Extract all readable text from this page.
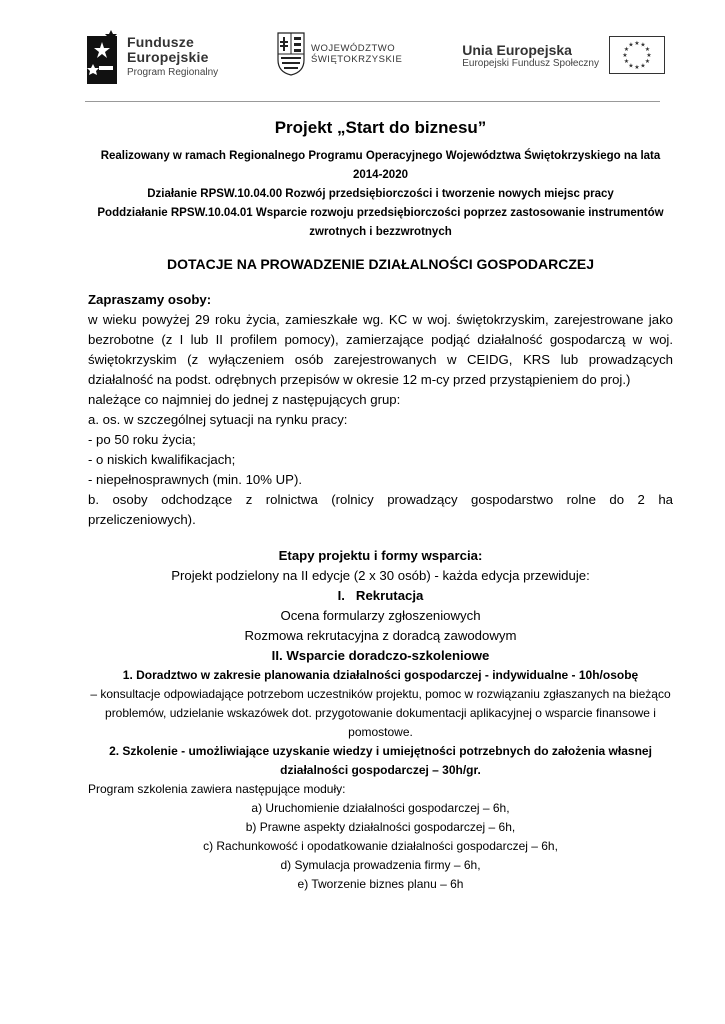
Fundusze
Europejskie
Program Regionalny
WOJEWÓDZTWO
ŚWIĘTOKRZYSKIE
Unia Europejska
Europejski Fundusz Społeczny
★ ★
★
★
★
★
★
★
★
★
★
★
Projekt „Start do biznesu”
Realizowany w ramach Regionalnego Programu Operacyjnego Województwa Świętokrzyskiego na lata 2014-2020
Działanie RPSW.10.04.00 Rozwój przedsiębiorczości i tworzenie nowych miejsc pracy
Poddziałanie RPSW.10.04.01 Wsparcie rozwoju przedsiębiorczości poprzez zastosowanie instrumentów zwrotnych i bezzwrotnych
DOTACJE NA PROWADZENIE DZIAŁALNOŚCI GOSPODARCZEJ

Zapraszamy osoby:

w wieku powyżej 29 roku życia, zamieszkałe wg. KC w woj. świętokrzyskim, zarejestrowane jako bezrobotne (z I lub II profilem pomocy), zamierzające podjąć działalność gospodarczą w woj. świętokrzyskim (z wyłączeniem osób zarejestrowanych w CEIDG, KRS lub prowadzących działalność na podst. odrębnych przepisów w okresie 12 m-cy przed przystąpieniem do proj.)

należące co najmniej do jednej z następujących grup:

a. os. w szczególnej sytuacji na rynku pracy:

- po 50 roku życia;

- o niskich kwalifikacjach;

- niepełnosprawnych (min. 10% UP).

b. osoby odchodzące z rolnictwa (rolnicy prowadzący gospodarstwo rolne do 2 ha przeliczeniowych).

Etapy projektu i formy wsparcia:

Projekt podzielony na II edycje (2 x 30 osób) - każda edycja przewiduje:

I.   Rekrutacja

Ocena formularzy zgłoszeniowych

Rozmowa rekrutacyjna z doradcą zawodowym

II. Wsparcie doradczo-szkoleniowe

1. Doradztwo w zakresie planowania działalności gospodarczej - indywidualne - 10h/osobę

– konsultacje odpowiadające potrzebom uczestników projektu, pomoc w rozwiązaniu zgłaszanych na bieżąco problemów, udzielanie wskazówek dot. przygotowanie dokumentacji aplikacyjnej o wsparcie finansowe i pomostowe.

2. Szkolenie - umożliwiające uzyskanie wiedzy i umiejętności potrzebnych do założenia własnej działalności gospodarczej – 30h/gr.

Program szkolenia zawiera następujące moduły:

a) Uruchomienie działalności gospodarczej – 6h,

b) Prawne aspekty działalności gospodarczej – 6h,

c) Rachunkowość i opodatkowanie działalności gospodarczej – 6h,

d) Symulacja prowadzenia firmy – 6h,

e) Tworzenie biznes planu – 6h
